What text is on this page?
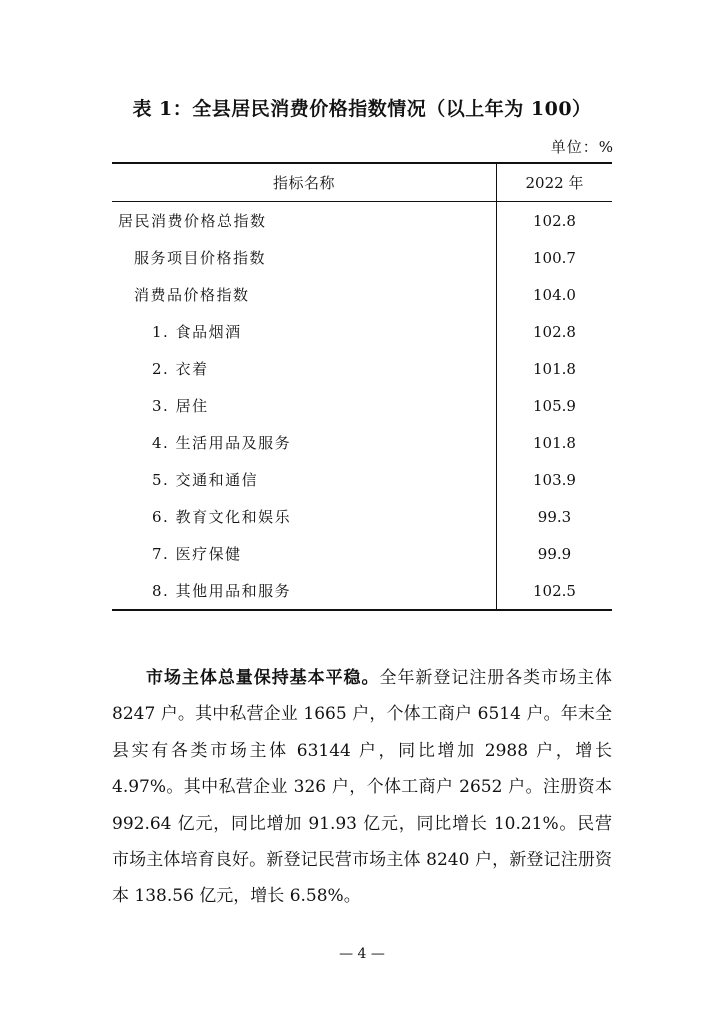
表 1：全县居民消费价格指数情况（以上年为 100）
单位：%
指标名称	2022 年
居民消费价格总指数	102.8
服务项目价格指数	100.7
消费品价格指数	104.0
1. 食品烟酒	102.8
2. 衣着	101.8
3. 居住	105.9
4. 生活用品及服务	101.8
5. 交通和通信	103.9
6. 教育文化和娱乐	99.3
7. 医疗保健	99.9
8. 其他用品和服务	102.5

市场主体总量保持基本平稳。全年新登记注册各类市场主体 8247 户。其中私营企业 1665 户，个体工商户 6514 户。年末全县实有各类市场主体 63144 户，同比增加 2988 户，增长 4.97%。其中私营企业 326 户，个体工商户 2652 户。注册资本 992.64 亿元，同比增加 91.93 亿元，同比增长 10.21%。民营市场主体培育良好。新登记民营市场主体 8240 户，新登记注册资本 138.56 亿元，增长 6.58%。

— 4 —
